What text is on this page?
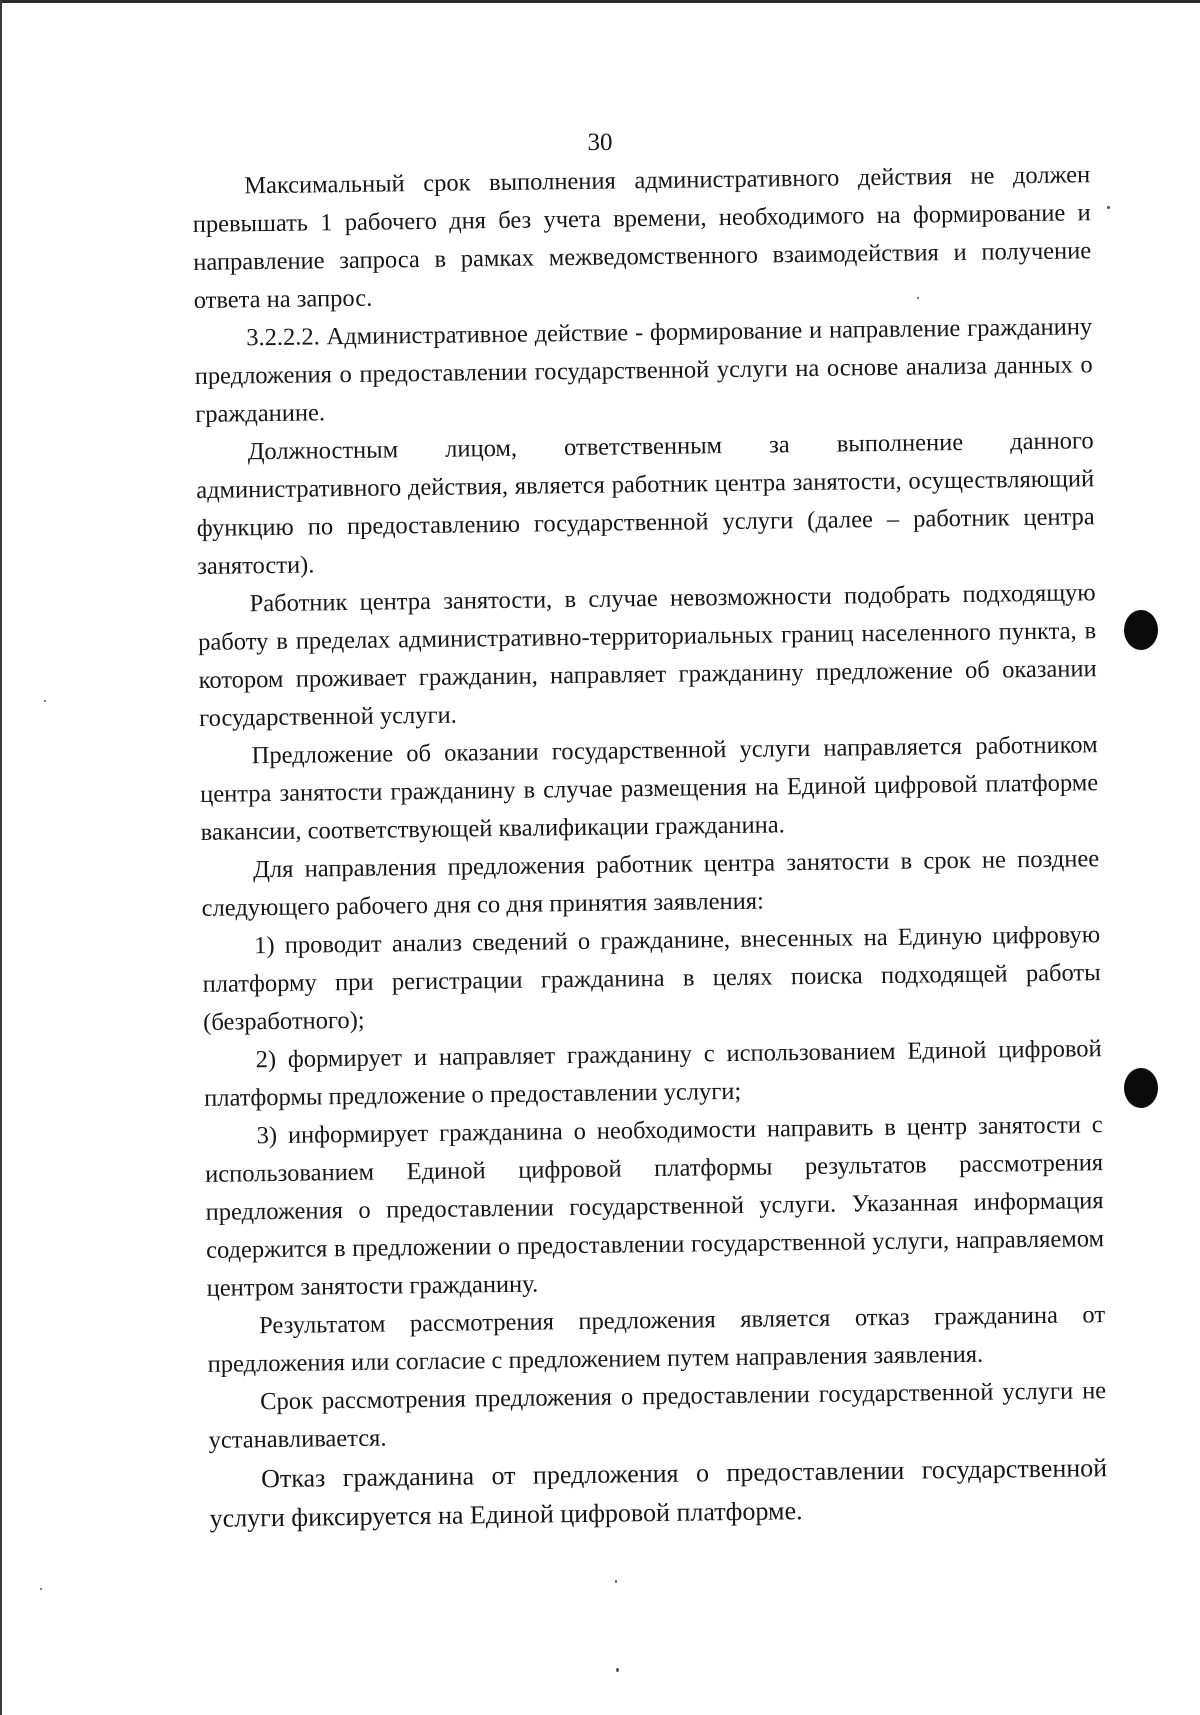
30

Максимальный срок выполнения административного действия не должен превышать 1 рабочего дня без учета времени, необходимого на формирование и направление запроса в рамках межведомственного взаимодействия и получение ответа на запрос.

3.2.2.2. Административное действие - формирование и направление гражданину предложения о предоставлении государственной услуги на основе анализа данных о гражданине.

Должностным лицом, ответственным за выполнение данного административного действия, является работник центра занятости, осуществляющий функцию по предоставлению государственной услуги (далее – работник центра занятости).

Работник центра занятости, в случае невозможности подобрать подходящую работу в пределах административно-территориальных границ населенного пункта, в котором проживает гражданин, направляет гражданину предложение об оказании государственной услуги.

Предложение об оказании государственной услуги направляется работником центра занятости гражданину в случае размещения на Единой цифровой платформе вакансии, соответствующей квалификации гражданина.

Для направления предложения работник центра занятости в срок не позднее следующего рабочего дня со дня принятия заявления:

1) проводит анализ сведений о гражданине, внесенных на Единую цифровую платформу при регистрации гражданина в целях поиска подходящей работы (безработного);

2) формирует и направляет гражданину с использованием Единой цифровой платформы предложение о предоставлении услуги;

3) информирует гражданина о необходимости направить в центр занятости с использованием Единой цифровой платформы результатов рассмотрения предложения о предоставлении государственной услуги. Указанная информация содержится в предложении о предоставлении государственной услуги, направляемом центром занятости гражданину.

Результатом рассмотрения предложения является отказ гражданина от предложения или согласие с предложением путем направления заявления.

Срок рассмотрения предложения о предоставлении государственной услуги не устанавливается.

Отказ гражданина от предложения о предоставлении государственной услуги фиксируется на Единой цифровой платформе.
